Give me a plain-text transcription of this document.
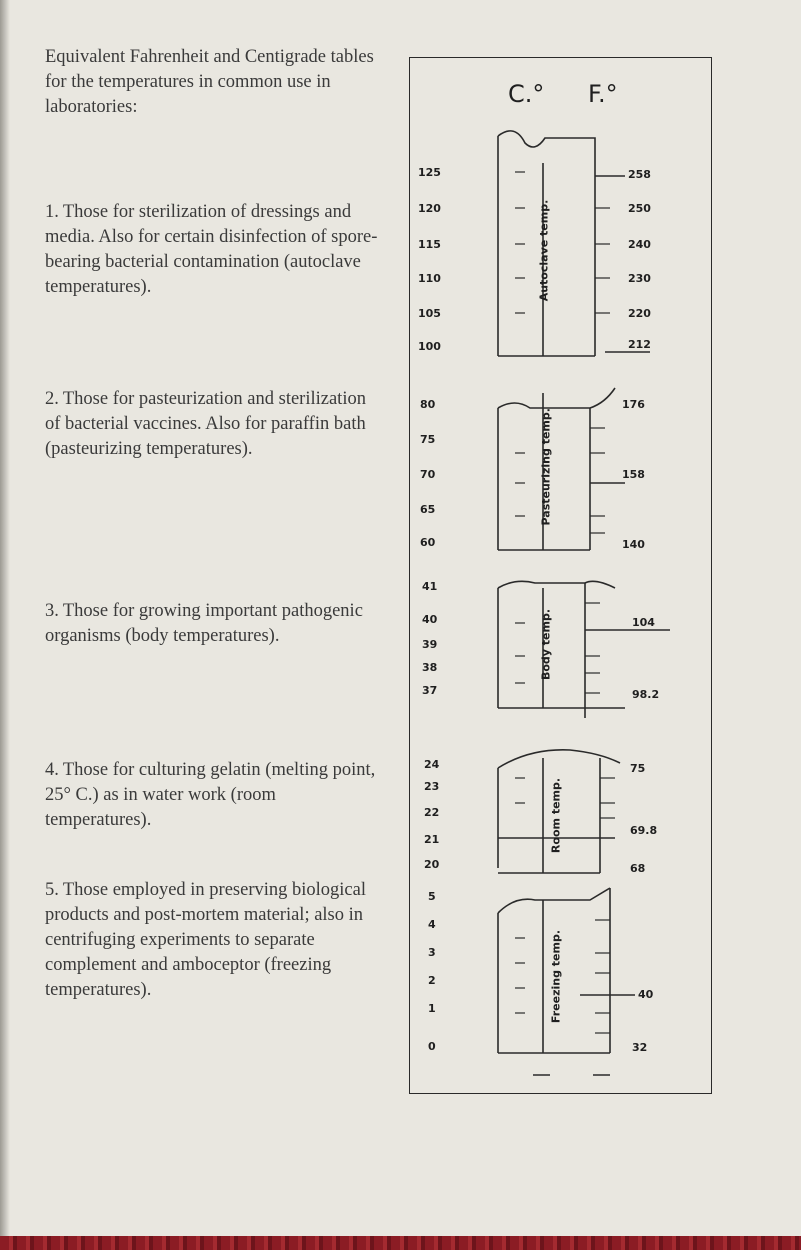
Equivalent Fahrenheit and Centigrade tables for the temperatures in common use in laboratories:

1. Those for sterilization of dressings and media. Also for certain disinfection of spore-bearing bacterial contamination (autoclave temperatures).

2. Those for pasteurization and sterilization of bacterial vaccines. Also for paraffin bath (pasteurizing temperatures).

3. Those for growing important pathogenic organisms (body temperatures).

4. Those for culturing gelatin (melting point, 25° C.) as in water work (room temperatures).

5. Those employed in preserving biological products and post-mortem material; also in centrifuging experiments to separate complement and amboceptor (freezing temperatures).

C.° F.°
125
120
115
110
105
100
258
250
240
230
220
212
Autoclave temp.
80
75
70
65
60
176
158
140
Pasteurizing temp.
41
40
39
38
37
104
98.2
Body temp.
24
23
22
21
20
75
69.8
68
Room temp.
5
4
3
2
1
0
40
32
Freezing temp.
